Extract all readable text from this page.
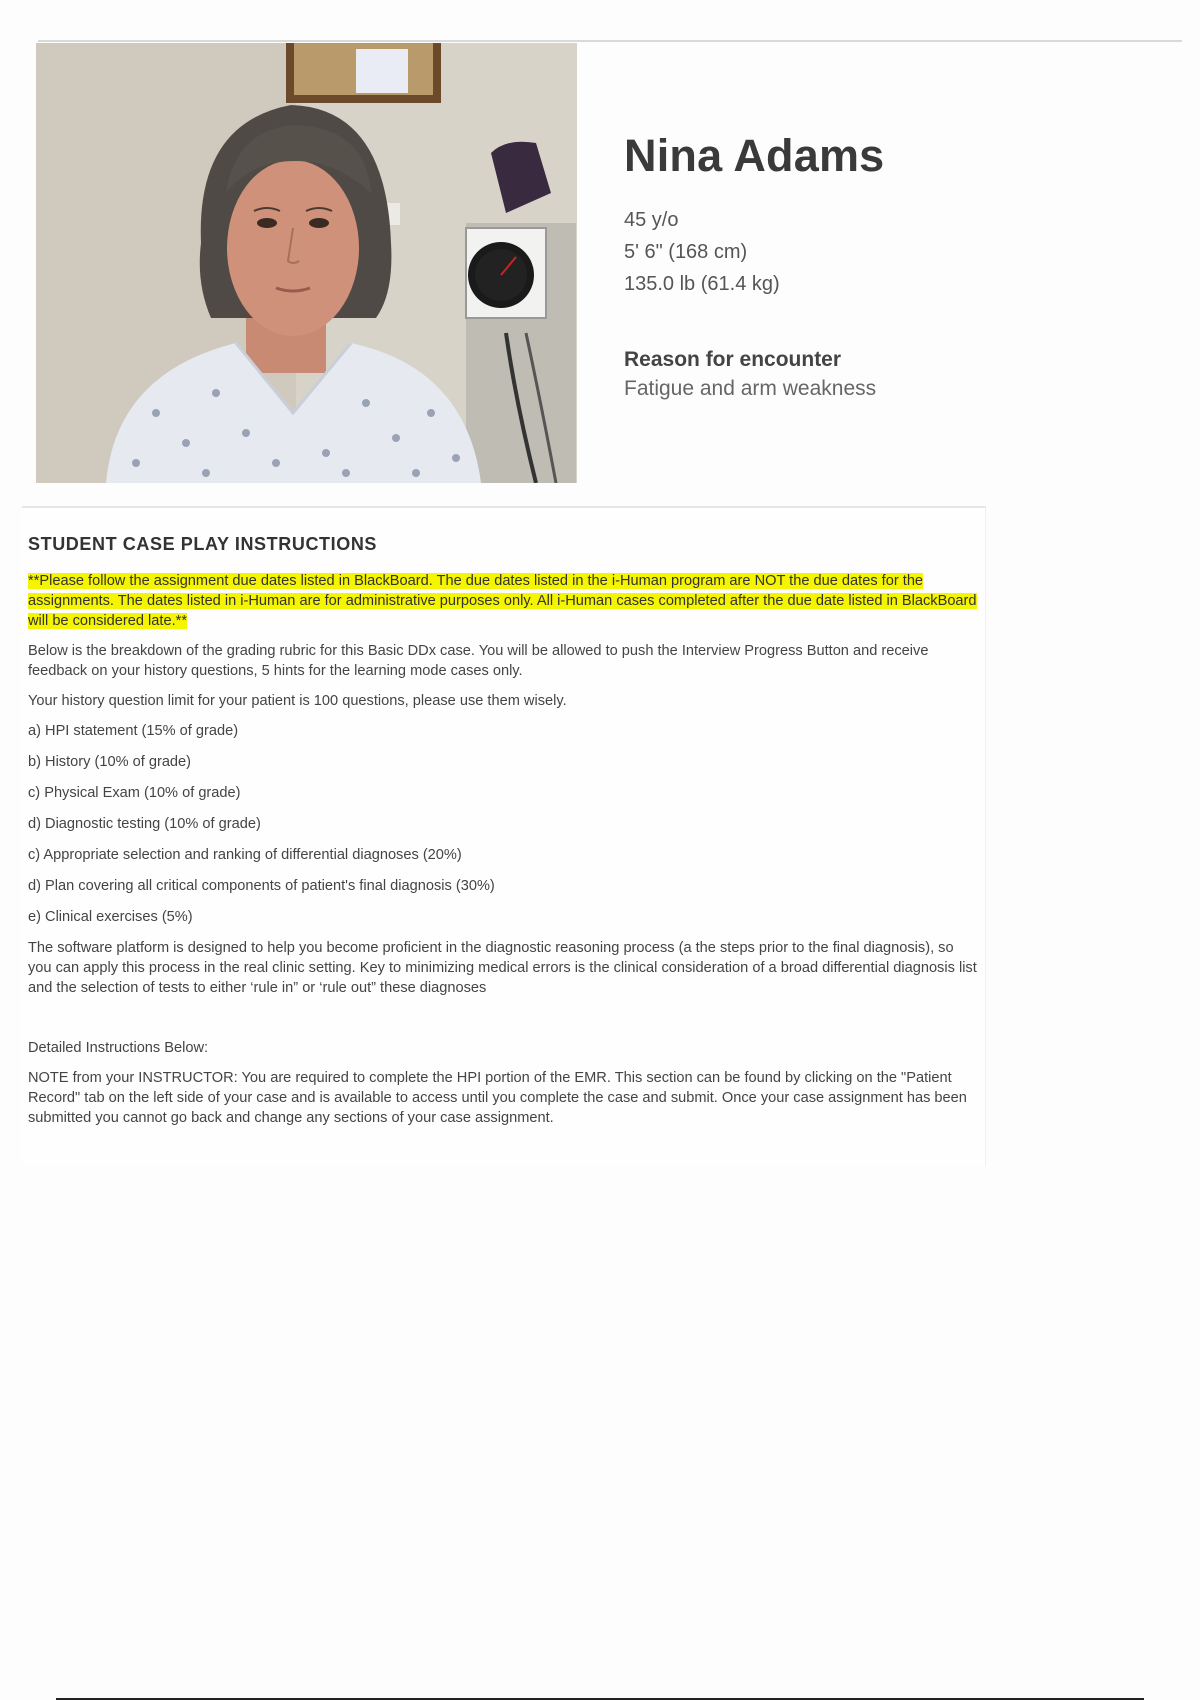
Nina Adams
45 y/o
5' 6" (168 cm)
135.0 lb (61.4 kg)
Reason for encounter
Fatigue and arm weakness
STUDENT CASE PLAY INSTRUCTIONS
**Please follow the assignment due dates listed in BlackBoard. The due dates listed in the i-Human program are NOT the due dates for the assignments. The dates listed in i-Human are for administrative purposes only. All i-Human cases completed after the due date listed in BlackBoard will be considered late.**

Below is the breakdown of the grading rubric for this Basic DDx case. You will be allowed to push the Interview Progress Button and receive feedback on your history questions, 5 hints for the learning mode cases only.

Your history question limit for your patient is 100 questions, please use them wisely.

a) HPI statement (15% of grade)
b) History (10% of grade)
c) Physical Exam (10% of grade)
d) Diagnostic testing (10% of grade)
c) Appropriate selection and ranking of differential diagnoses (20%)
d) Plan covering all critical components of patient's final diagnosis (30%)
e) Clinical exercises (5%)

The software platform is designed to help you become proficient in the diagnostic reasoning process (a the steps prior to the final diagnosis), so you can apply this process in the real clinic setting. Key to minimizing medical errors is the clinical consideration of a broad differential diagnosis list and the selection of tests to either ‘rule in” or ‘rule out” these diagnoses

Detailed Instructions Below:

NOTE from your INSTRUCTOR: You are required to complete the HPI portion of the EMR. This section can be found by clicking on the "Patient Record" tab on the left side of your case and is available to access until you complete the case and submit. Once your case assignment has been submitted you cannot go back and change any sections of your case assignment.
